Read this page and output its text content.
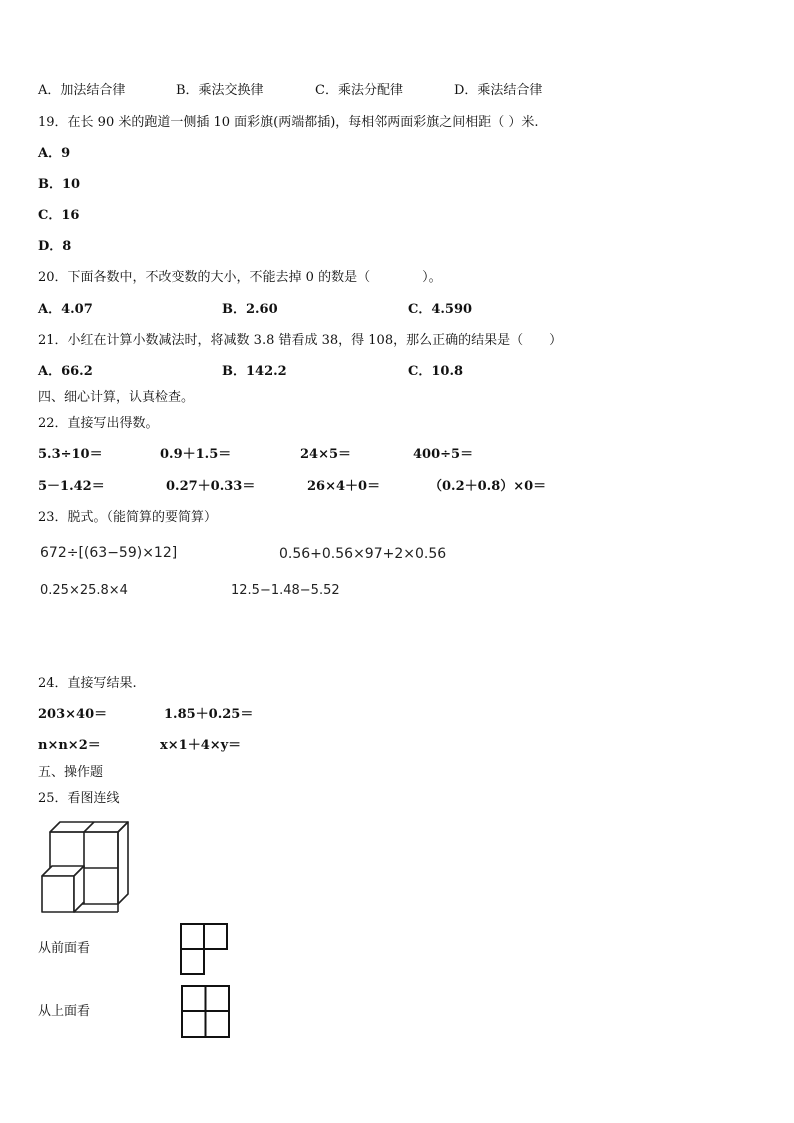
A．加法结合律	B．乘法交换律	C．乘法分配律	D．乘法结合律
19．在长 90 米的跑道一侧插 10 面彩旗(两端都插)，每相邻两面彩旗之间相距（ ）米.
A．9
B．10
C．16
D．8
20．下面各数中，不改变数的大小，不能去掉 0 的数是（　　　　）。
A．4.07	B．2.60	C．4.590
21．小红在计算小数减法时，将减数 3.8 错看成 38，得 108，那么正确的结果是（　　）
A．66.2	B．142.2	C．10.8
四、细心计算，认真检查。
22．直接写出得数。
5.3÷10＝	0.9＋1.5＝	24×5＝	400÷5＝
5－1.42＝	0.27＋0.33＝	26×4＋0＝	（0.2＋0.8）×0＝
23．脱式。（能简算的要简算）
672÷[(63−59)×12]	0.56+0.56×97+2×0.56
0.25×25.8×4	12.5−1.48−5.52
24．直接写结果.
203×40＝	1.85＋0.25＝
n×n×2＝	x×1＋4×y＝
五、操作题
25．看图连线
从前面看
从上面看
